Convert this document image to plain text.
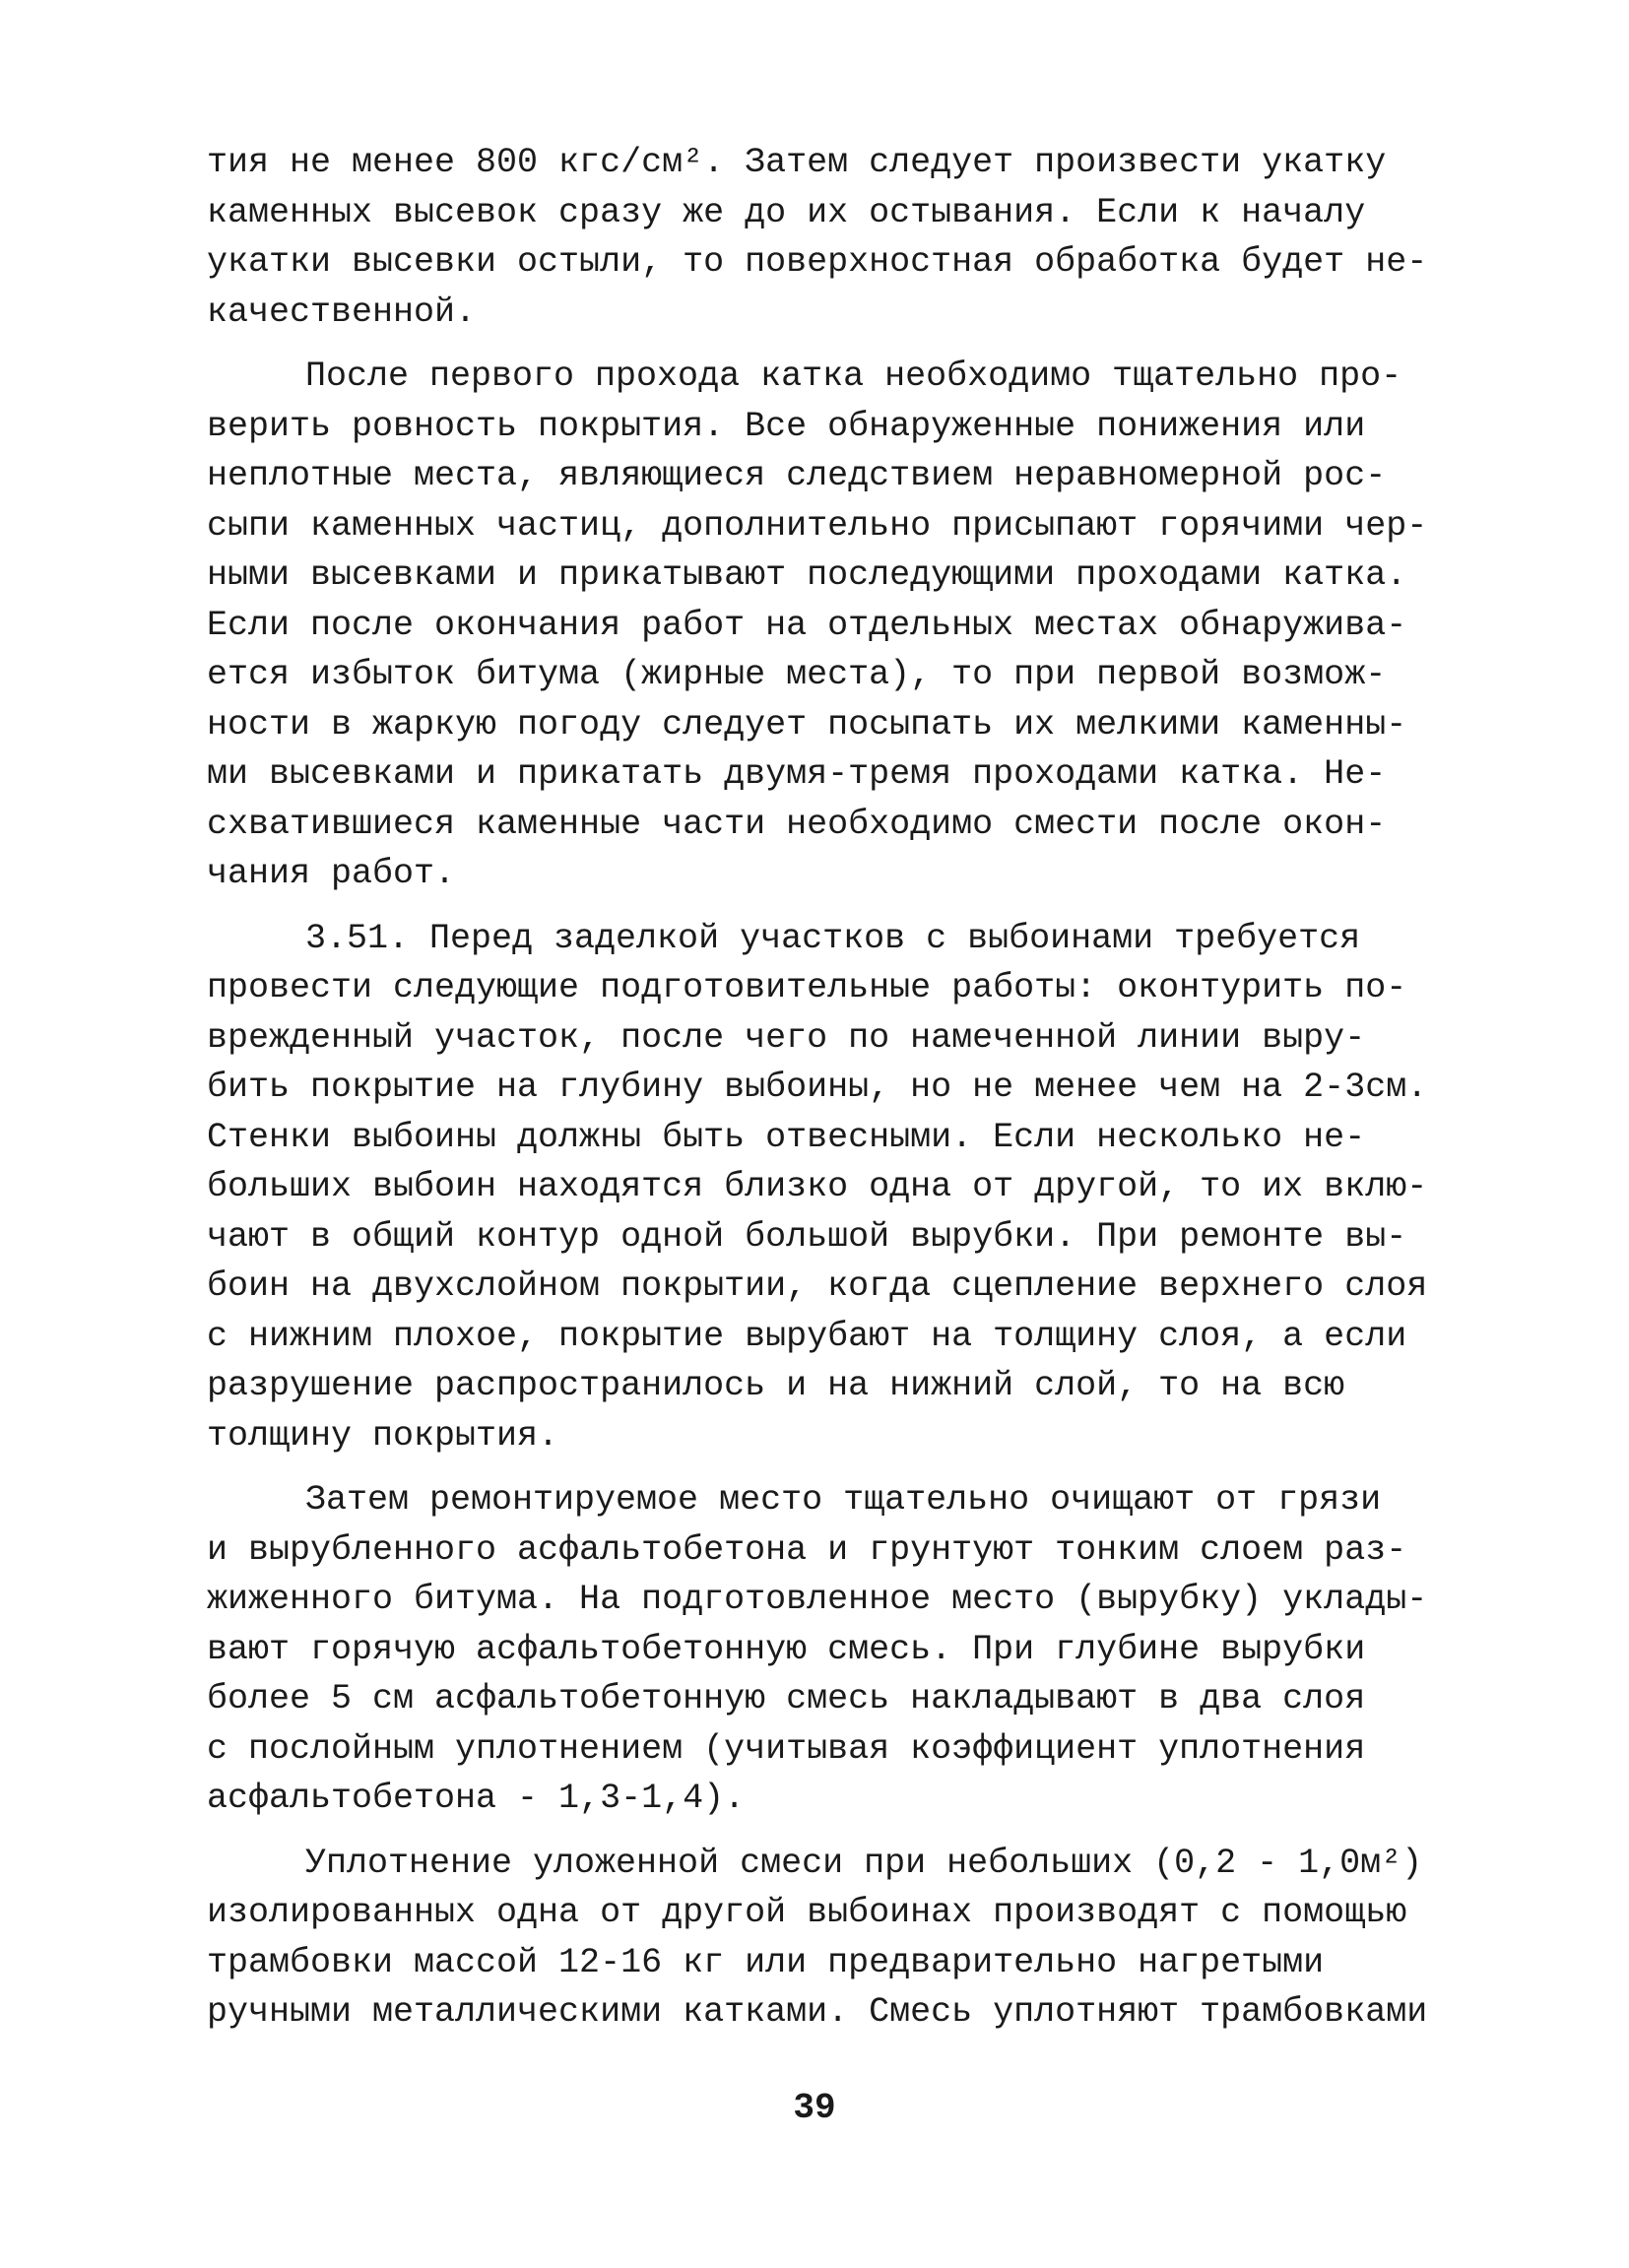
тия не менее 800 кгс/см². Затем следует произвести укатку
каменных высевок сразу же до их остывания. Если к началу
укатки высевки остыли, то поверхностная обработка будет не-
качественной.
После первого прохода катка необходимо тщательно про-
верить ровность покрытия. Все обнаруженные понижения или
неплотные места, являющиеся следствием неравномерной рос-
сыпи каменных частиц, дополнительно присыпают горячими чер-
ными высевками и прикатывают последующими проходами катка.
Если после окончания работ на отдельных местах обнаружива-
ется избыток битума (жирные места), то при первой возмож-
ности в жаркую погоду следует посыпать их мелкими каменны-
ми высевками и прикатать двумя-тремя проходами катка. Не-
схватившиеся каменные части необходимо смести после окон-
чания работ.
3.51. Перед заделкой участков с выбоинами требуется
провести следующие подготовительные работы: оконтурить по-
врежденный участок, после чего по намеченной линии выру-
бить покрытие на глубину выбоины, но не менее чем на 2-3см.
Стенки выбоины должны быть отвесными. Если несколько не-
больших выбоин находятся близко одна от другой, то их вклю-
чают в общий контур одной большой вырубки. При ремонте вы-
боин на двухслойном покрытии, когда сцепление верхнего слоя
с нижним плохое, покрытие вырубают на толщину слоя, а если
разрушение распространилось и на нижний слой, то на всю
толщину покрытия.
Затем ремонтируемое место тщательно очищают от грязи
и вырубленного асфальтобетона и грунтуют тонким слоем раз-
жиженного битума. На подготовленное место (вырубку) уклады-
вают горячую асфальтобетонную смесь. При глубине вырубки
более 5 см асфальтобетонную смесь накладывают в два слоя
с послойным уплотнением (учитывая коэффициент уплотнения
асфальтобетона - 1,3-1,4).
Уплотнение уложенной смеси при небольших (0,2 - 1,0м²)
изолированных одна от другой выбоинах производят с помощью
трамбовки массой 12-16 кг или предварительно нагретыми
ручными металлическими катками. Смесь уплотняют трамбовками
39
